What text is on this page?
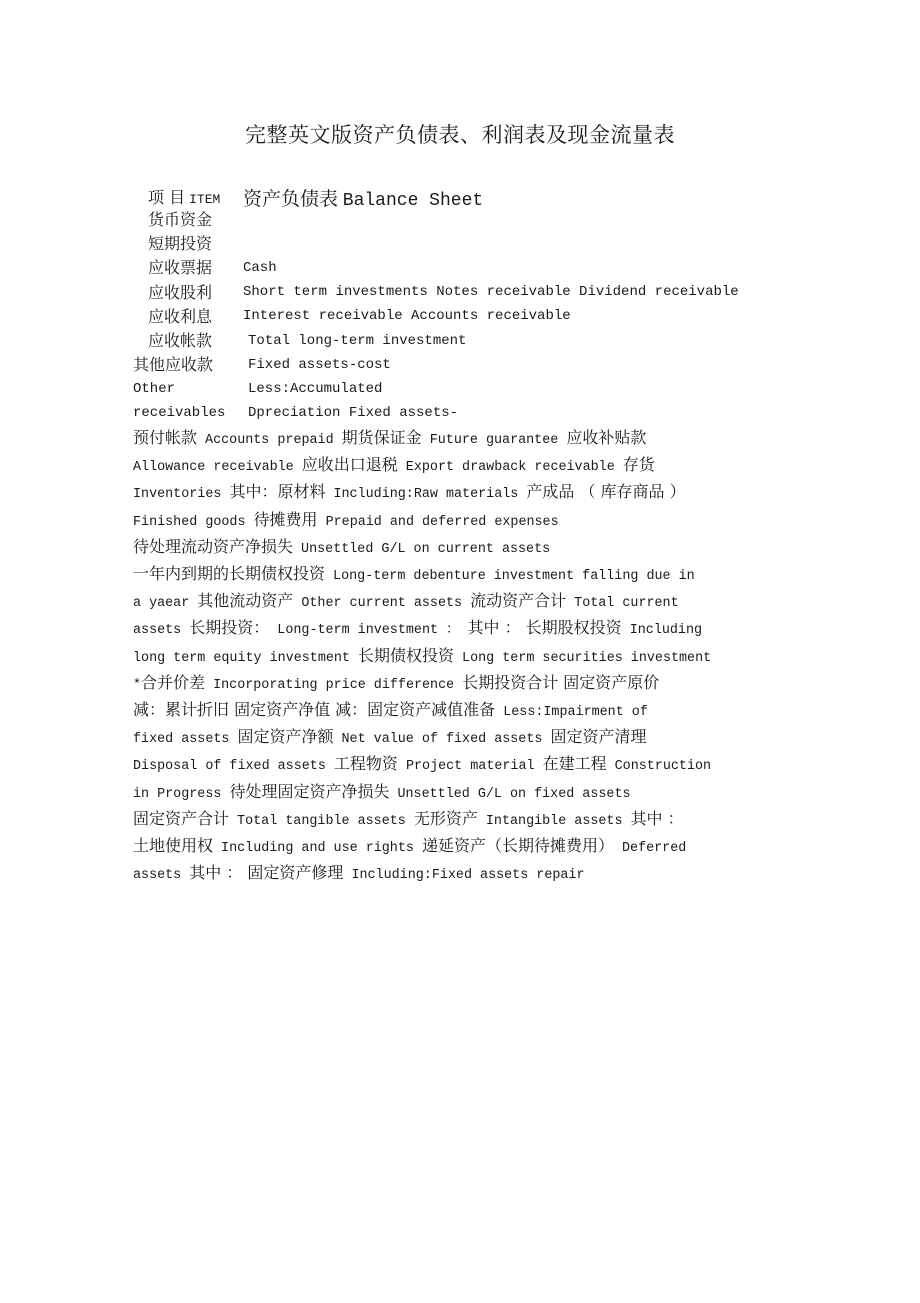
完整英文版资产负债表、利润表及现金流量表
项 目 ITEM 资产负债表 Balance Sheet
货币资金
短期投资
应收票据
应收股利
应收利息
应收帐款
其他应收款
Other
receivables
Cash
Short term investments Notes receivable Dividend receivable
Interest receivable Accounts receivable
Total long-term investment
Fixed assets-cost
Less:Accumulated
Dpreciation Fixed assets-
预付帐款 Accounts prepaid 期货保证金 Future guarantee 应收补贴款
Allowance receivable 应收出口退税 Export drawback receivable 存货
Inventories 其中：原材料 Including:Raw materials 产成品 （ 库存商品 ）
Finished goods 待摊费用 Prepaid and deferred expenses
待处理流动资产净损失 Unsettled G/L on current assets
一年内到期的长期债权投资 Long-term debenture investment falling due in
a yaear 其他流动资产 Other current assets 流动资产合计 Total current
assets 长期投资： Long-term investment ： 其中 ： 长期股权投资 Including
long term equity investment 长期债权投资 Long term securities investment
*合并价差 Incorporating price difference 长期投资合计 固定资产原价
减：累计折旧 固定资产净值 减：固定资产减值准备 Less:Impairment of
fixed assets 固定资产净额 Net value of fixed assets 固定资产清理
Disposal of fixed assets 工程物资 Project material 在建工程 Construction
in Progress 待处理固定资产净损失 Unsettled G/L on fixed assets
固定资产合计 Total tangible assets 无形资产 Intangible assets 其中 ：
土地使用权 Including and use rights 递延资产（长期待摊费用） Deferred
assets 其中 ： 固定资产修理 Including:Fixed assets repair
